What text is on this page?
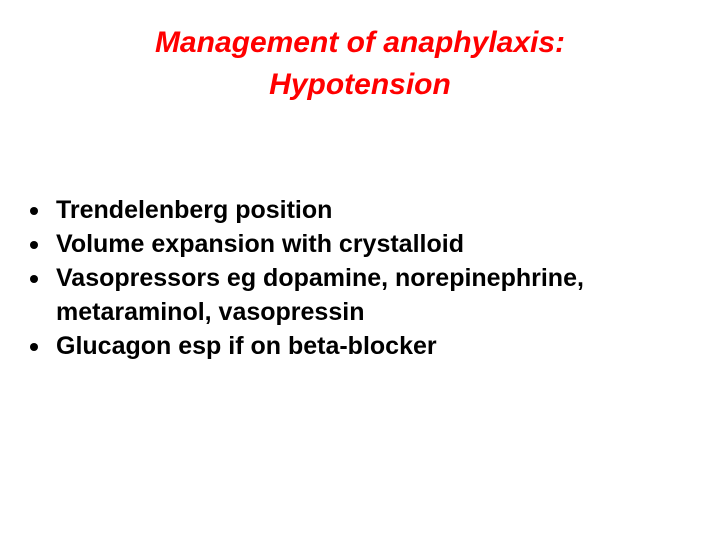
Management of anaphylaxis:
Hypotension
Trendelenberg position
Volume expansion with crystalloid
Vasopressors eg dopamine, norepinephrine, metaraminol, vasopressin
Glucagon esp if on beta-blocker
